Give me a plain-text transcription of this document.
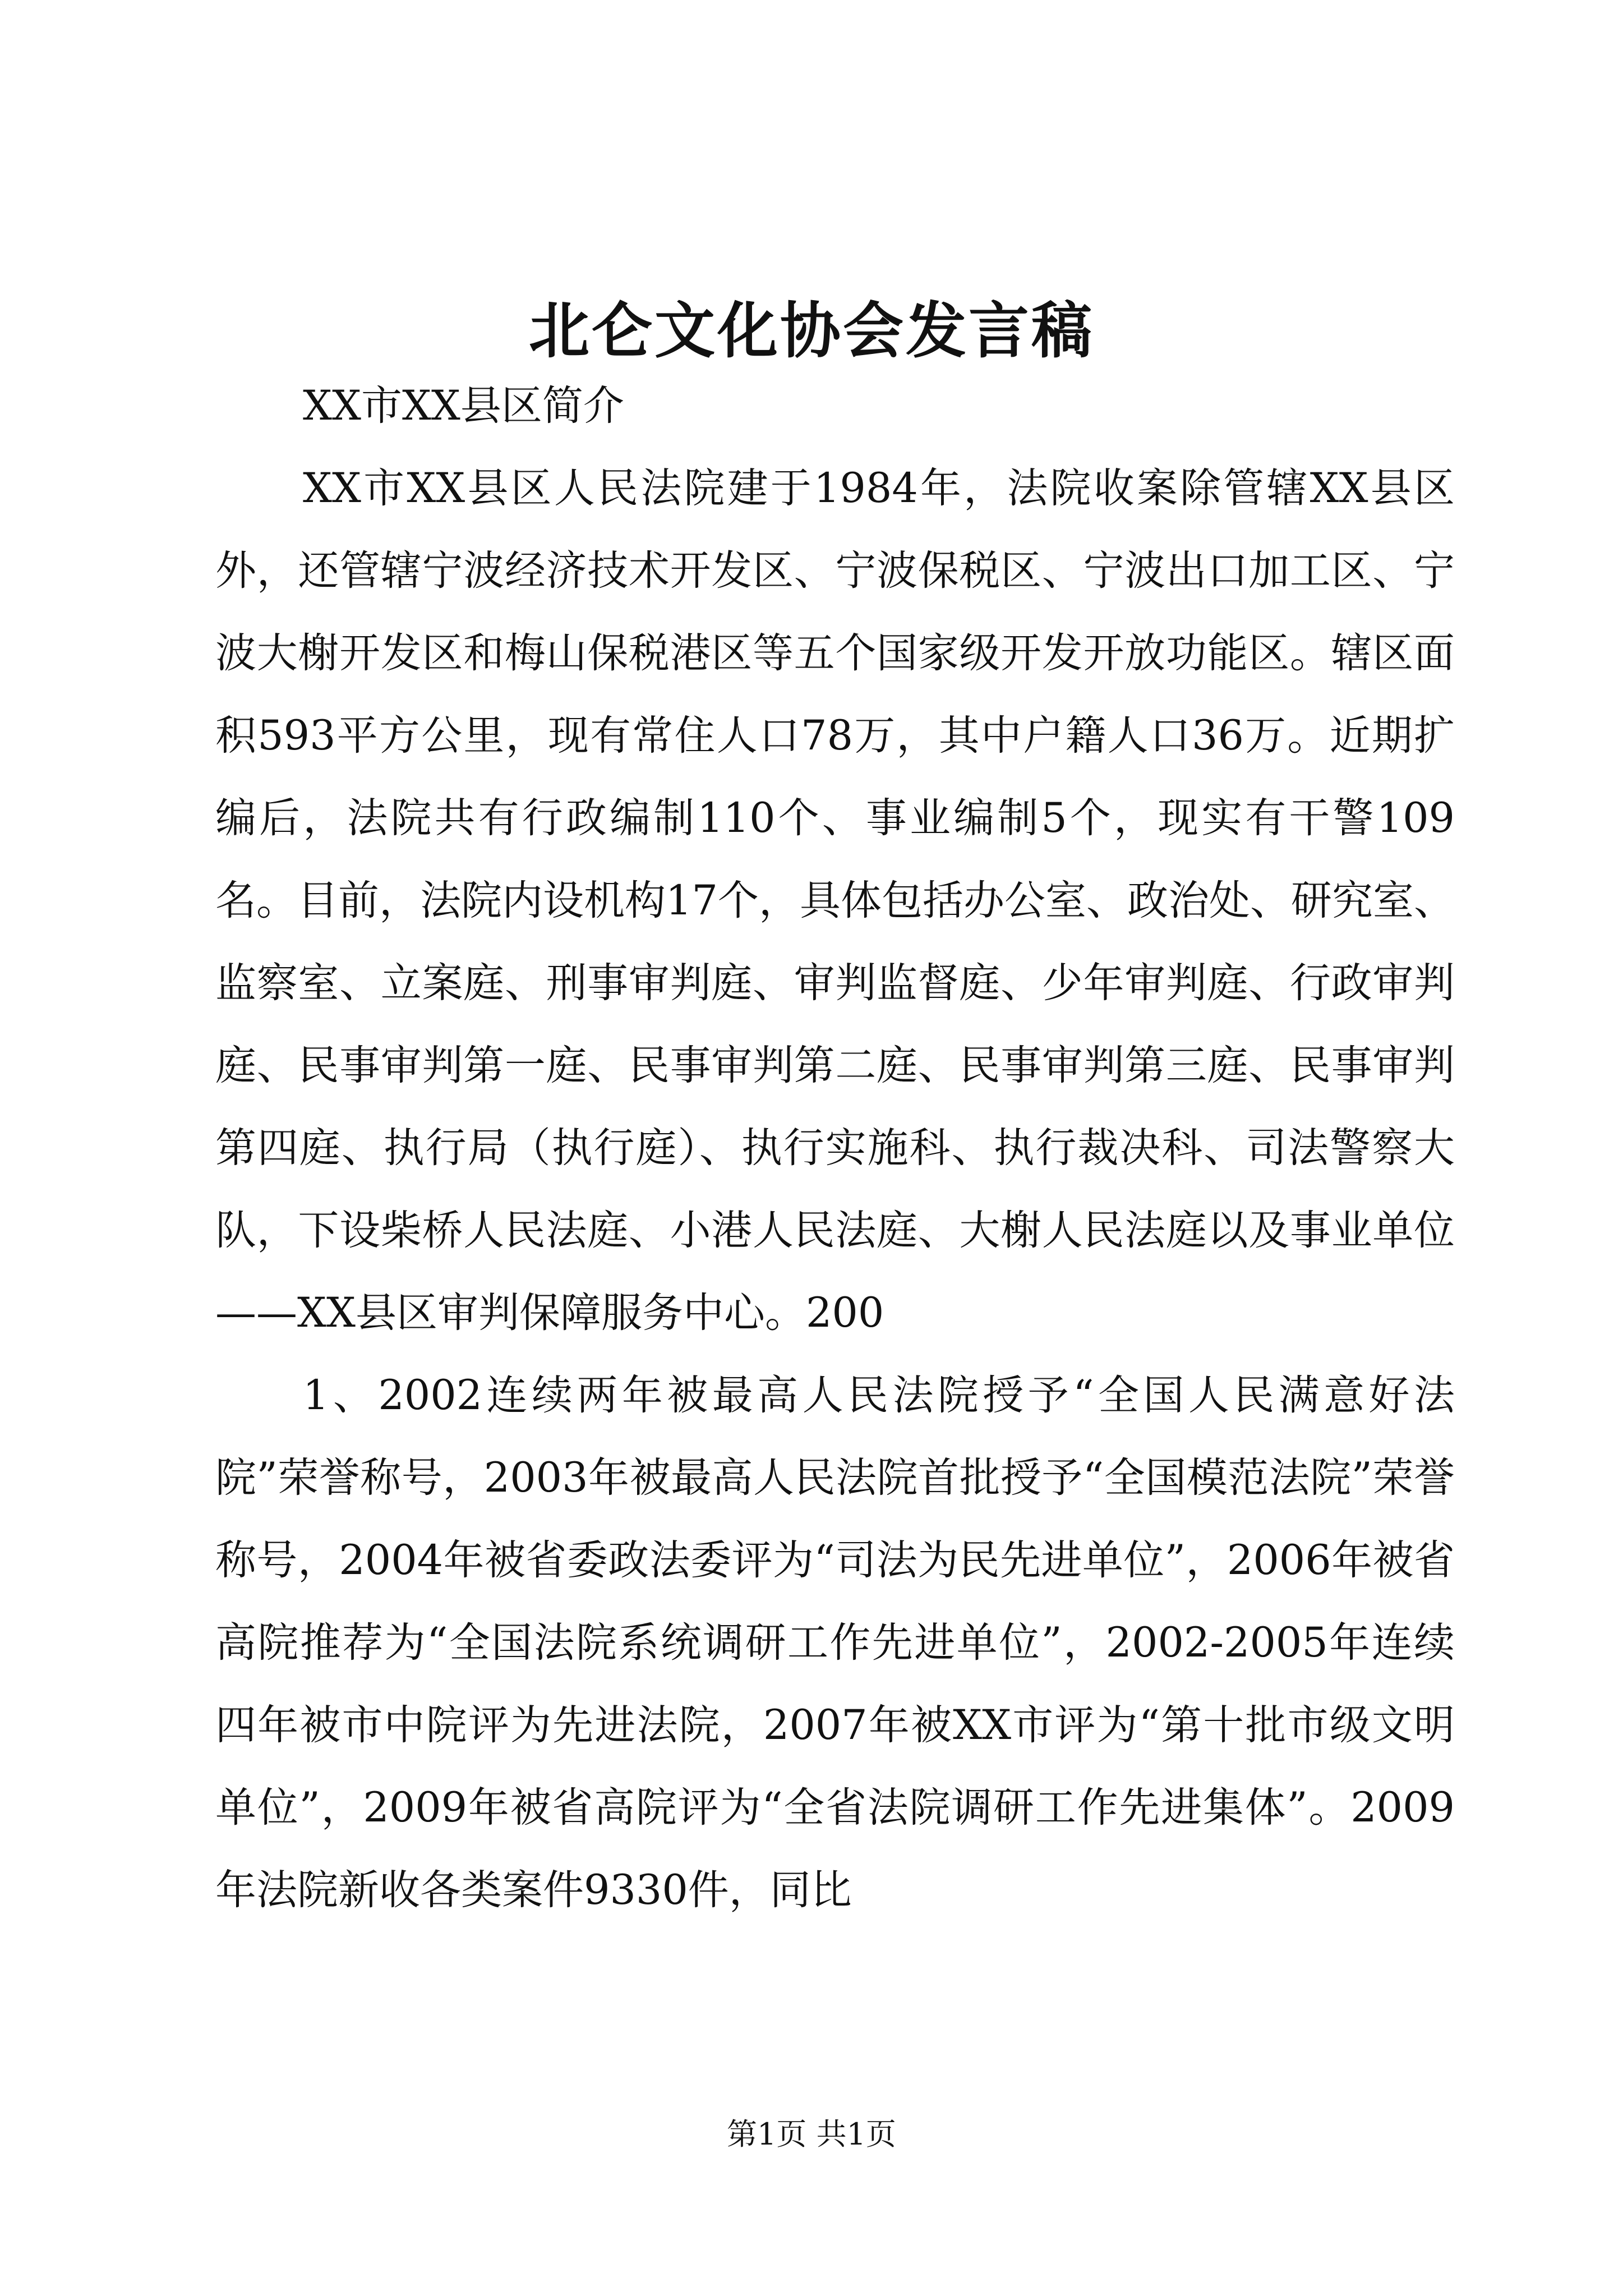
北仑文化协会发言稿

XX市XX县区简介

XX市XX县区人民法院建于1984年，法院收案除管辖XX县区外，还管辖宁波经济技术开发区、宁波保税区、宁波出口加工区、宁波大榭开发区和梅山保税港区等五个国家级开发开放功能区。辖区面积593平方公里，现有常住人口78万，其中户籍人口36万。近期扩编后，法院共有行政编制110个、事业编制5个，现实有干警109名。目前，法院内设机构17个，具体包括办公室、政治处、研究室、监察室、立案庭、刑事审判庭、审判监督庭、少年审判庭、行政审判庭、民事审判第一庭、民事审判第二庭、民事审判第三庭、民事审判第四庭、执行局（执行庭）、执行实施科、执行裁决科、司法警察大队，下设柴桥人民法庭、小港人民法庭、大榭人民法庭以及事业单位——XX县区审判保障服务中心。200

1、2002连续两年被最高人民法院授予“全国人民满意好法院”荣誉称号，2003年被最高人民法院首批授予“全国模范法院”荣誉称号，2004年被省委政法委评为“司法为民先进单位”，2006年被省高院推荐为“全国法院系统调研工作先进单位”，2002-2005年连续四年被市中院评为先进法院，2007年被XX市评为“第十批市级文明单位”，2009年被省高院评为“全省法院调研工作先进集体”。2009年法院新收各类案件9330件，同比

第1页 共1页
